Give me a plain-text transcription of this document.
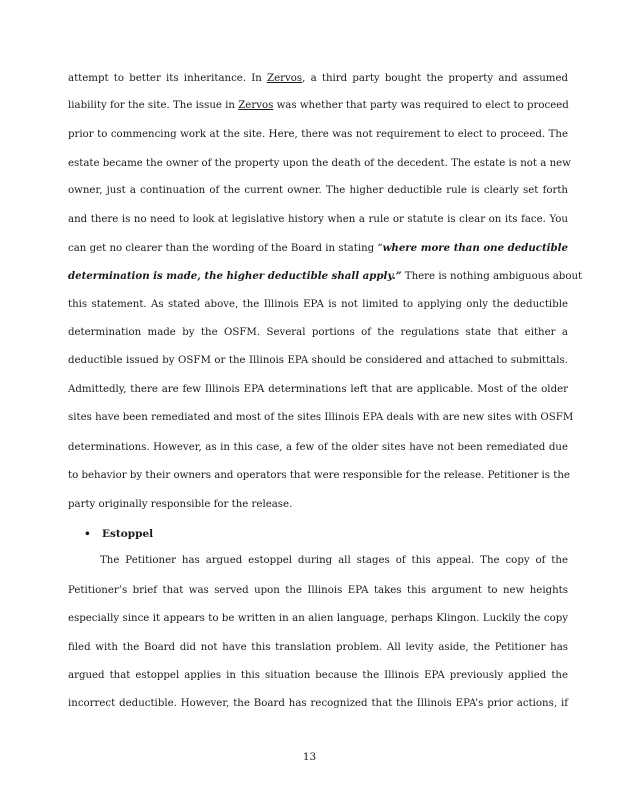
attempt to better its inheritance. In Zervos, a third party bought the property and assumed
liability for the site. The issue in Zervos was whether that party was required to elect to proceed
prior to commencing work at the site. Here, there was not requirement to elect to proceed. The
estate became the owner of the property upon the death of the decedent. The estate is not a new
owner, just a continuation of the current owner. The higher deductible rule is clearly set forth
and there is no need to look at legislative history when a rule or statute is clear on its face. You
can get no clearer than the wording of the Board in stating “where more than one deductible
determination is made, the higher deductible shall apply.” There is nothing ambiguous about
this statement. As stated above, the Illinois EPA is not limited to applying only the deductible
determination made by the OSFM. Several portions of the regulations state that either a
deductible issued by OSFM or the Illinois EPA should be considered and attached to submittals.
Admittedly, there are few Illinois EPA determinations left that are applicable. Most of the older
sites have been remediated and most of the sites Illinois EPA deals with are new sites with OSFM
determinations. However, as in this case, a few of the older sites have not been remediated due
to behavior by their owners and operators that were responsible for the release. Petitioner is the
party originally responsible for the release.
• Estoppel
The Petitioner has argued estoppel during all stages of this appeal. The copy of the
Petitioner’s brief that was served upon the Illinois EPA takes this argument to new heights
especially since it appears to be written in an alien language, perhaps Klingon. Luckily the copy
filed with the Board did not have this translation problem. All levity aside, the Petitioner has
argued that estoppel applies in this situation because the Illinois EPA previously applied the
incorrect deductible. However, the Board has recognized that the Illinois EPA’s prior actions, if
13
